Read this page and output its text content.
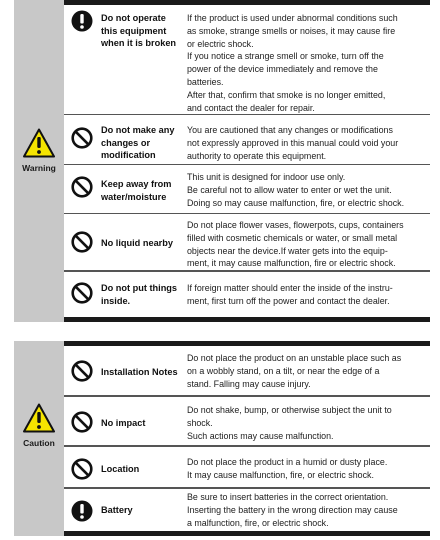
Warning
Do not operate
this equipment
when it is broken

If the product is used under abnormal conditions such

as smoke, strange smells or noises, it may cause fire

or electric shock.

If you notice a strange smell or smoke, turn off the

power of the device immediately and remove the

batteries.

After that, confirm that smoke is no longer emitted,

and contact the dealer for repair.

Do not make any
changes or
modification

You are cautioned that any changes or modifications

not expressly approved in this manual could void your

authority to operate this equipment.

Keep away from
water/moisture

This unit is designed for indoor use only.

Be careful not to allow water to enter or wet the unit.

Doing so may cause malfunction, fire, or electric shock.

No liquid nearby

Do not place flower vases, flowerpots, cups, containers

filled with cosmetic chemicals or water, or small metal

objects near the device.If water gets into the equip-

ment, it may cause malfunction, fire or electric shock.

Do not put things
inside.

If foreign matter should enter the inside of the instru-

ment, first turn off the power and contact the dealer.

Caution
Installation Notes

Do not place the product on an unstable place such as

on a wobbly stand, on a tilt, or near the edge of a

stand. Falling may cause injury.

No impact

Do not shake, bump, or otherwise subject the unit to

shock.

Such actions may cause malfunction.

Location

Do not place the product in a humid or dusty place.

It may cause malfunction, fire, or electric shock.

Battery

Be sure to insert batteries in the correct orientation.

Inserting the battery in the wrong direction may cause

a malfunction, fire, or electric shock.
